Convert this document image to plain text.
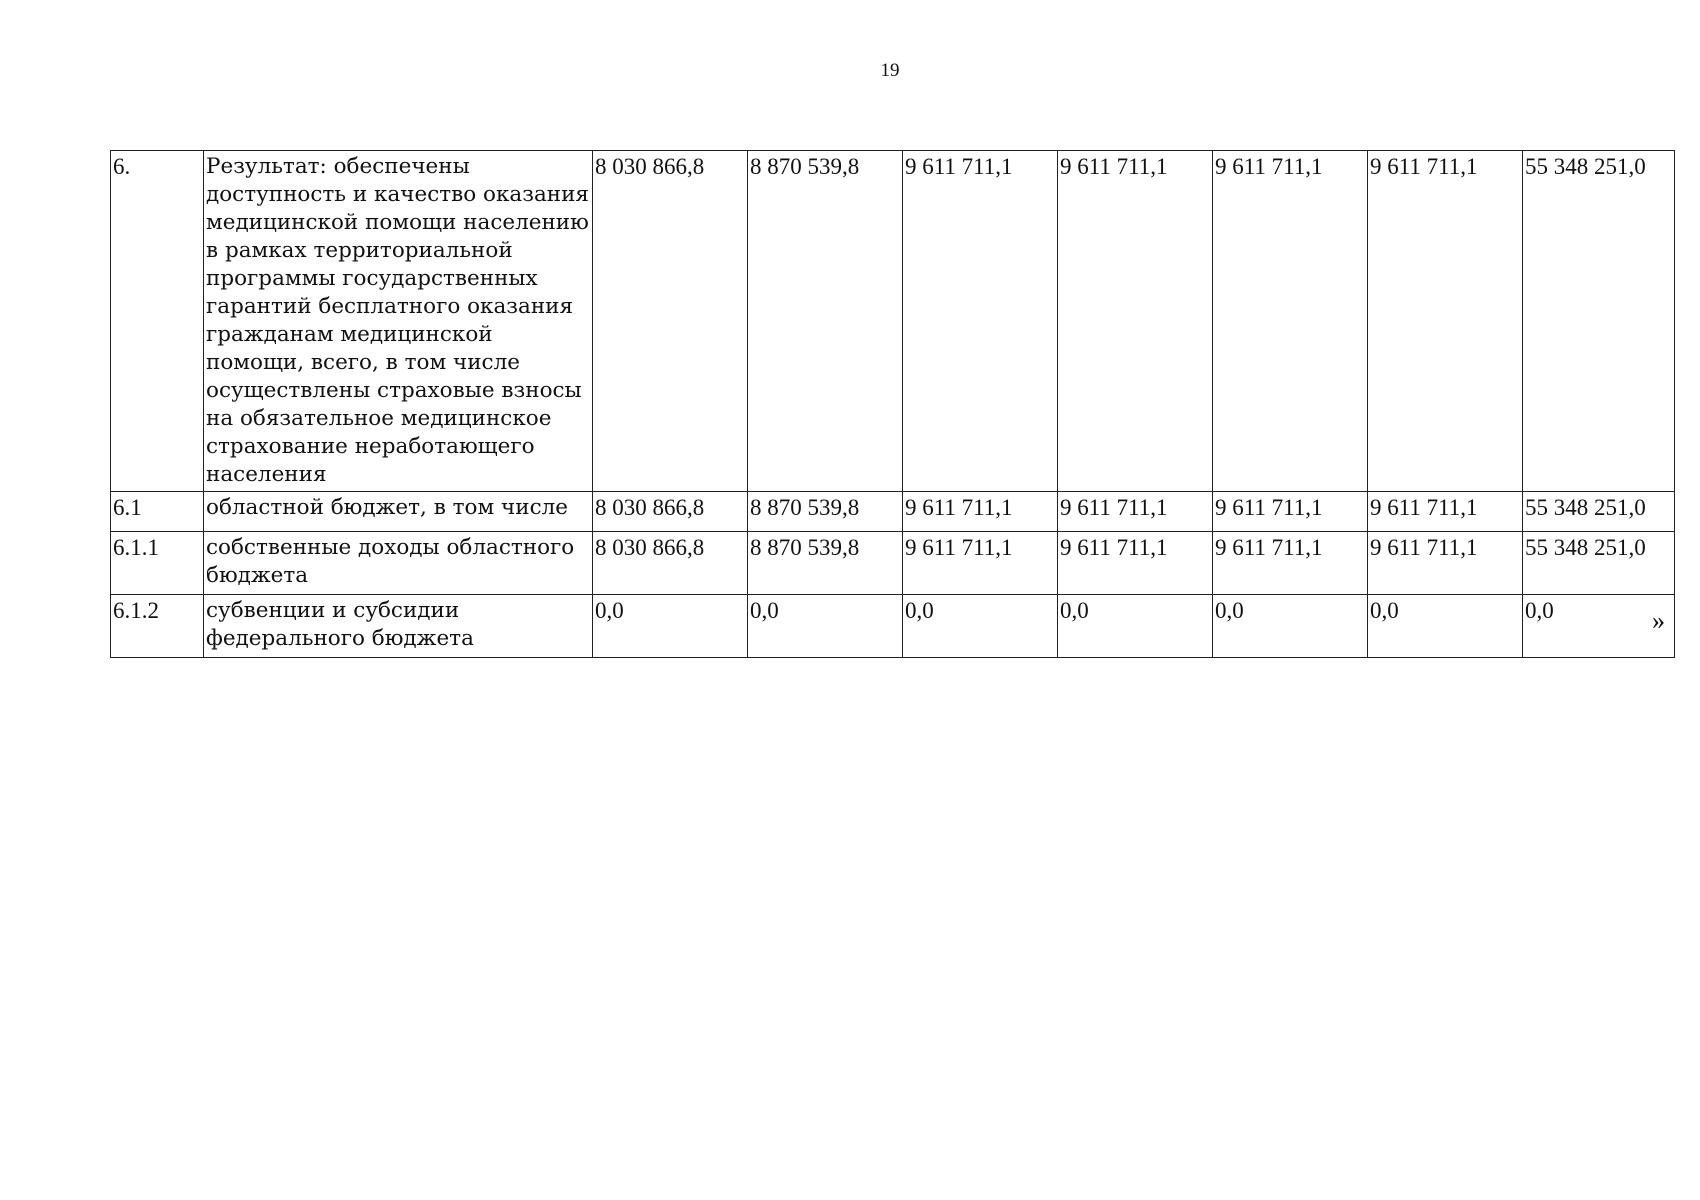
19
6.	Результат: обеспечены доступность и качество оказания медицинской помощи населению в рамках территориальной программы государственных гарантий бесплатного оказания гражданам медицинской помощи, всего, в том числе осуществлены страховые взносы на обязательное медицинское страхование неработающего населения	8 030 866,8	8 870 539,8	9 611 711,1	9 611 711,1	9 611 711,1	9 611 711,1	55 348 251,0
6.1	областной бюджет, в том числе	8 030 866,8	8 870 539,8	9 611 711,1	9 611 711,1	9 611 711,1	9 611 711,1	55 348 251,0
6.1.1	собственные доходы областного бюджета	8 030 866,8	8 870 539,8	9 611 711,1	9 611 711,1	9 611 711,1	9 611 711,1	55 348 251,0
6.1.2	субвенции и субсидии федерального бюджета	0,0	0,0	0,0	0,0	0,0	0,0	0,0	»
